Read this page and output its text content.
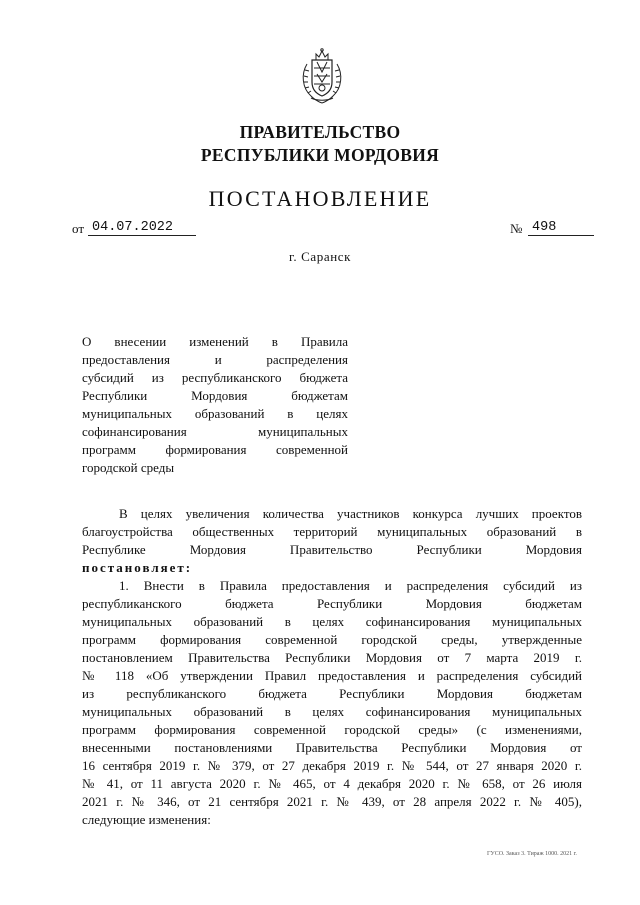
ПРАВИТЕЛЬСТВО
РЕСПУБЛИКИ МОРДОВИЯ
ПОСТАНОВЛЕНИЕ
от 04.07.2022	№ 498
г. Саранск
О внесении изменений в Правила
предоставления и распределения
субсидий из республиканского бюджета
Республики Мордовия бюджетам
муниципальных образований в целях
софинансирования муниципальных
программ формирования современной
городской среды
В целях увеличения количества участников конкурса лучших проектов
благоустройства общественных территорий муниципальных образований в
Республике Мордовия Правительство Республики Мордовия
постановляет:
1. Внести в Правила предоставления и распределения субсидий из
республиканского бюджета Республики Мордовия бюджетам
муниципальных образований в целях софинансирования муниципальных
программ формирования современной городской среды, утвержденные
постановлением Правительства Республики Мордовия от 7 марта 2019 г.
№ 118 «Об утверждении Правил предоставления и распределения субсидий
из республиканского бюджета Республики Мордовия бюджетам
муниципальных образований в целях софинансирования муниципальных
программ формирования современной городской среды» (с изменениями,
внесенными постановлениями Правительства Республики Мордовия от
16 сентября 2019 г. № 379, от 27 декабря 2019 г. № 544, от 27 января 2020 г.
№ 41, от 11 августа 2020 г. № 465, от 4 декабря 2020 г. № 658, от 26 июля
2021 г. № 346, от 21 сентября 2021 г. № 439, от 28 апреля 2022 г. № 405),
следующие изменения:
ГУСО. Заказ 3. Тираж 1000. 2021 г.
